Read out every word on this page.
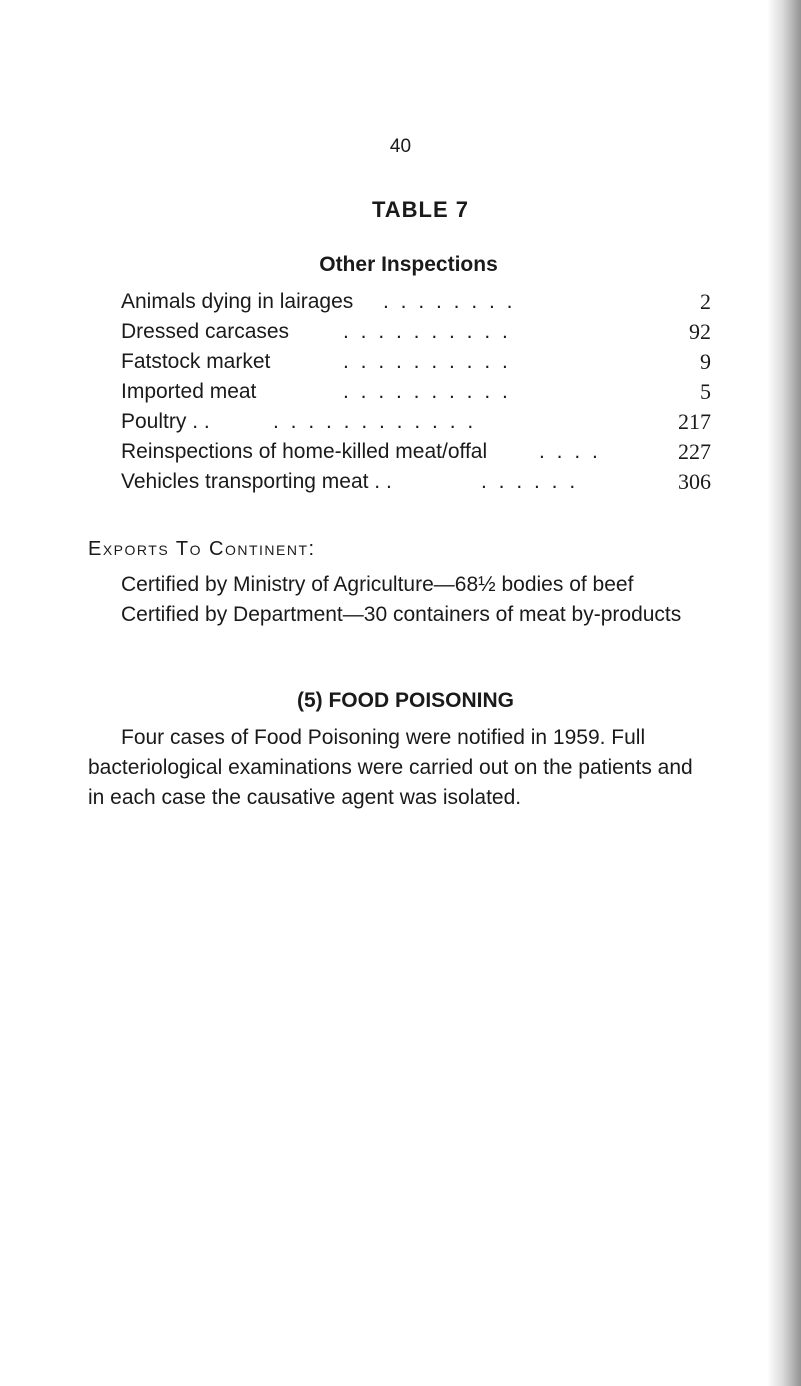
40
TABLE 7
Other Inspections
Animals dying in lairages . . . . . . . .	2
Dressed carcases	. . . . . . . . . .	92
Fatstock market	. . . . . . . . . .	9
Imported meat	. . . . . . . . . .	5
Poultry . .	. . . . . . . . . . . .	217
Reinspections of home-killed meat/offal . . . .	227
Vehicles transporting meat . .	. . . . . .	306
Exports To Continent:
Certified by Ministry of Agriculture—68½ bodies of beef
Certified by Department—30 containers of meat by-products
(5) FOOD POISONING
Four cases of Food Poisoning were notified in 1959. Full
bacteriological examinations were carried out on the patients and
in each case the causative agent was isolated.
